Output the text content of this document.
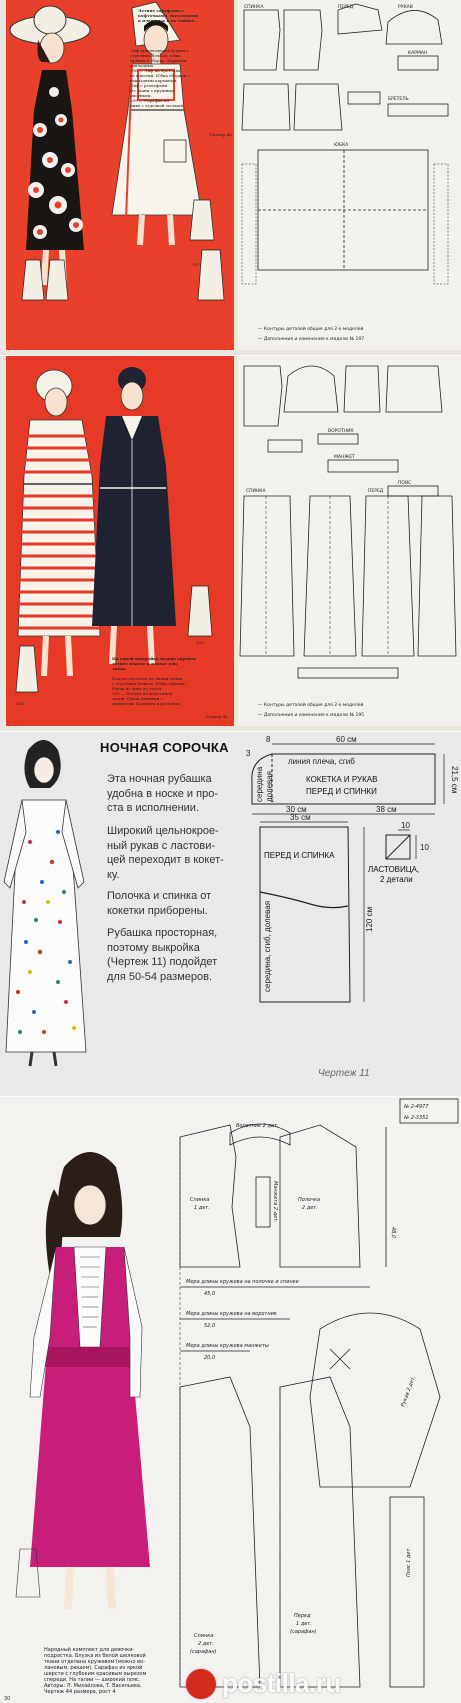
Летние сарафаны с
кофточками, вытачными
в плечевых и на спинке.
Лиф прилегающей формы с
отрезным бочком, юбка
пряная в сборку. Карманы
накладные.
196 — Лиф на бретелях
из кокетки. Юбка сборкой с
накладным карманом.
Лиф с рельефами.
Из ткани с крупным
рисунком.
199 — Сарафан из
пике с отделкой тесьмой.
Размер 48
197
СПИНКА	ПЕРЕД	РУКАВ
КАРМАН
БРЕТЕЛЬ
ЮБКА
— Контуры деталей общие для 2-х моделей
— Дополнения и изменения к модели № 197
194
195
По одной выкройке можно скроить
летнее платье и платье для
зимы.
Платье отрезное по линии талии,
с отрезным бочком. Юбка прямая.
Рукав из пике до локтя.
195 — Платье из шерстяной
ткани. Рукав длинный с
манжетой. Карманы в рельефах.
Размер 48
ВОРОТНИК
МАНЖЕТ
ПОЯС
СПИНКА	ПЕРЕД
— Контуры деталей общие для 2-х моделей
— Дополнения и изменения к модели № 195
НОЧНАЯ СОРОЧКА
Эта ночная рубашка
удобна в носке и про-
ста в исполнении.
Широкий цельнокрое-
ный рукав с ластови-
цей переходит в кокет-
ку.
Полочка и спинка от
кокетки приборены.
Рубашка просторная,
поэтому выкройка
(Чертеж 11) подойдет
для 50-54 размеров.
60 см
8
3
21,5 см
линия плеча, сгиб
КОКЕТКА И РУКАВ
ПЕРЕД И СПИНКИ
середина долевая
30 см	38 см
35 см
ПЕРЕД И СПИНКА
середина, сгиб, долевая	120 см
10
10
ЛАСТОВИЦА,
2 детали
Чертеж 11
№ 2-4977
№ 2-3351
Воротник 2 дет.
Спинка
1 дет.
Полочка
2 дет.
Манжета 2 дет.
Мера длины кружева на полочке и спинке
45,0
Мера длины кружева на воротник
52,0
Мера длины кружева манжеты
20,0
Рукав 2 дет.
Перед
1 дет.
(сарафан)
Спинка
2 дет.
(сарафан)
Пояс 1 дет.
48,0
Нарядный комплект для девочки-
подростка. Блузка из белой шелковой
ткани отделана кружевом (можно во-
лановым, рюшем). Сарафан из яркой
шерсти с глубоким красивым вырезом
спереди. На талии — широкий пояс.
Авторы: Л. Михайлова, Т. Васильева.
Чертеж 44 размера, рост 4
30
postilla.ru
